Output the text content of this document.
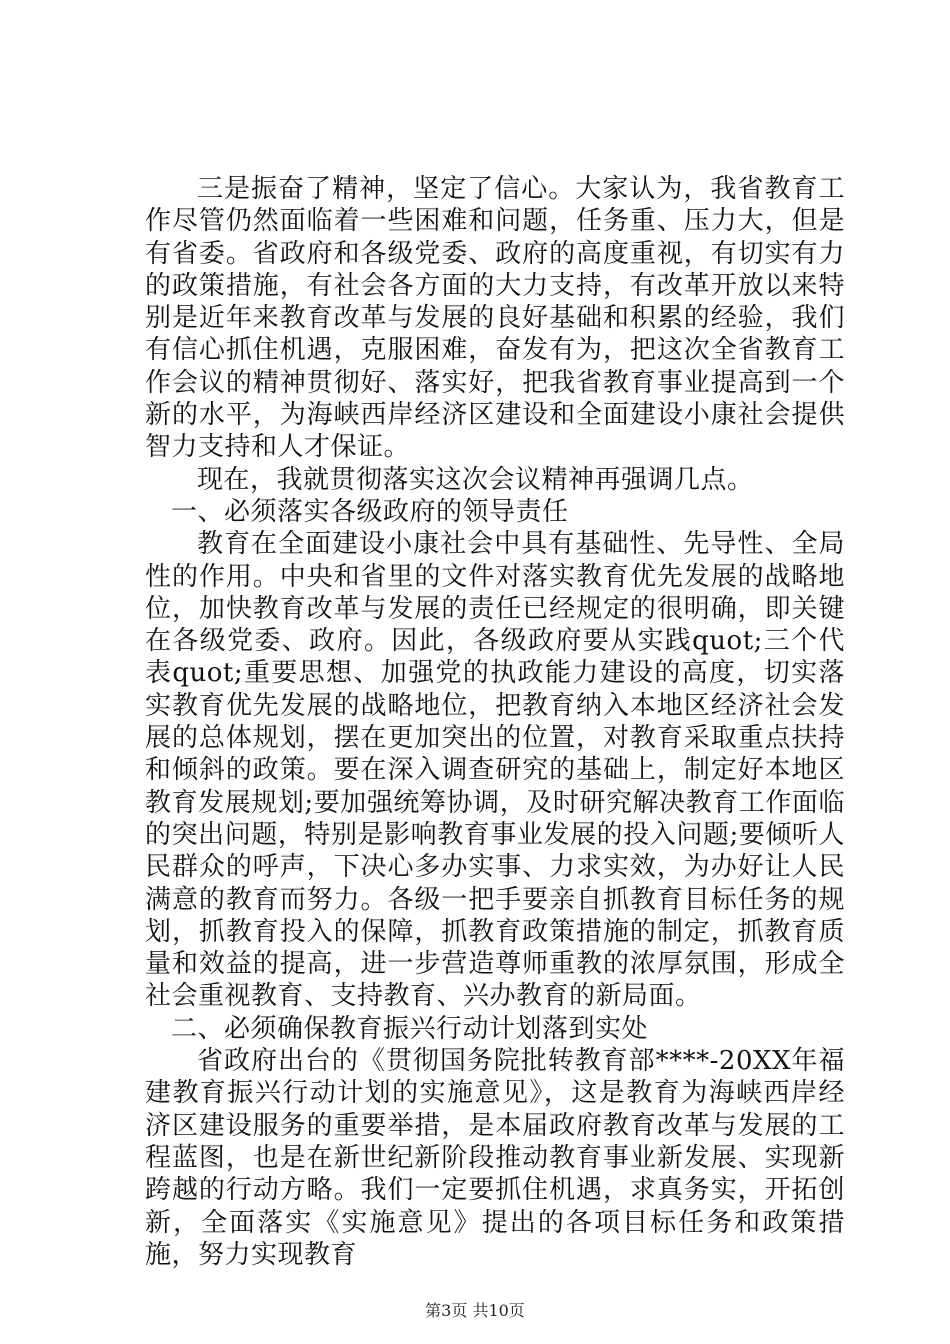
三是振奋了精神，坚定了信心。大家认为，我省教育工作尽管仍然面临着一些困难和问题，任务重、压力大，但是有省委。省政府和各级党委、政府的高度重视，有切实有力的政策措施，有社会各方面的大力支持，有改革开放以来特别是近年来教育改革与发展的良好基础和积累的经验，我们有信心抓住机遇，克服困难，奋发有为，把这次全省教育工作会议的精神贯彻好、落实好，把我省教育事业提高到一个新的水平，为海峡西岸经济区建设和全面建设小康社会提供智力支持和人才保证。

现在，我就贯彻落实这次会议精神再强调几点。

一、必须落实各级政府的领导责任

教育在全面建设小康社会中具有基础性、先导性、全局性的作用。中央和省里的文件对落实教育优先发展的战略地位，加快教育改革与发展的责任已经规定的很明确，即关键在各级党委、政府。因此，各级政府要从实践quot;三个代表quot;重要思想、加强党的执政能力建设的高度，切实落实教育优先发展的战略地位，把教育纳入本地区经济社会发展的总体规划，摆在更加突出的位置，对教育采取重点扶持和倾斜的政策。要在深入调查研究的基础上，制定好本地区教育发展规划;要加强统筹协调，及时研究解决教育工作面临的突出问题，特别是影响教育事业发展的投入问题;要倾听人民群众的呼声，下决心多办实事、力求实效，为办好让人民满意的教育而努力。各级一把手要亲自抓教育目标任务的规划，抓教育投入的保障，抓教育政策措施的制定，抓教育质量和效益的提高，进一步营造尊师重教的浓厚氛围，形成全社会重视教育、支持教育、兴办教育的新局面。

二、必须确保教育振兴行动计划落到实处

省政府出台的《贯彻国务院批转教育部****-20XX年福建教育振兴行动计划的实施意见》，这是教育为海峡西岸经济区建设服务的重要举措，是本届政府教育改革与发展的工程蓝图，也是在新世纪新阶段推动教育事业新发展、实现新跨越的行动方略。我们一定要抓住机遇，求真务实，开拓创新，全面落实《实施意见》提出的各项目标任务和政策措施，努力实现教育

第3页 共10页
